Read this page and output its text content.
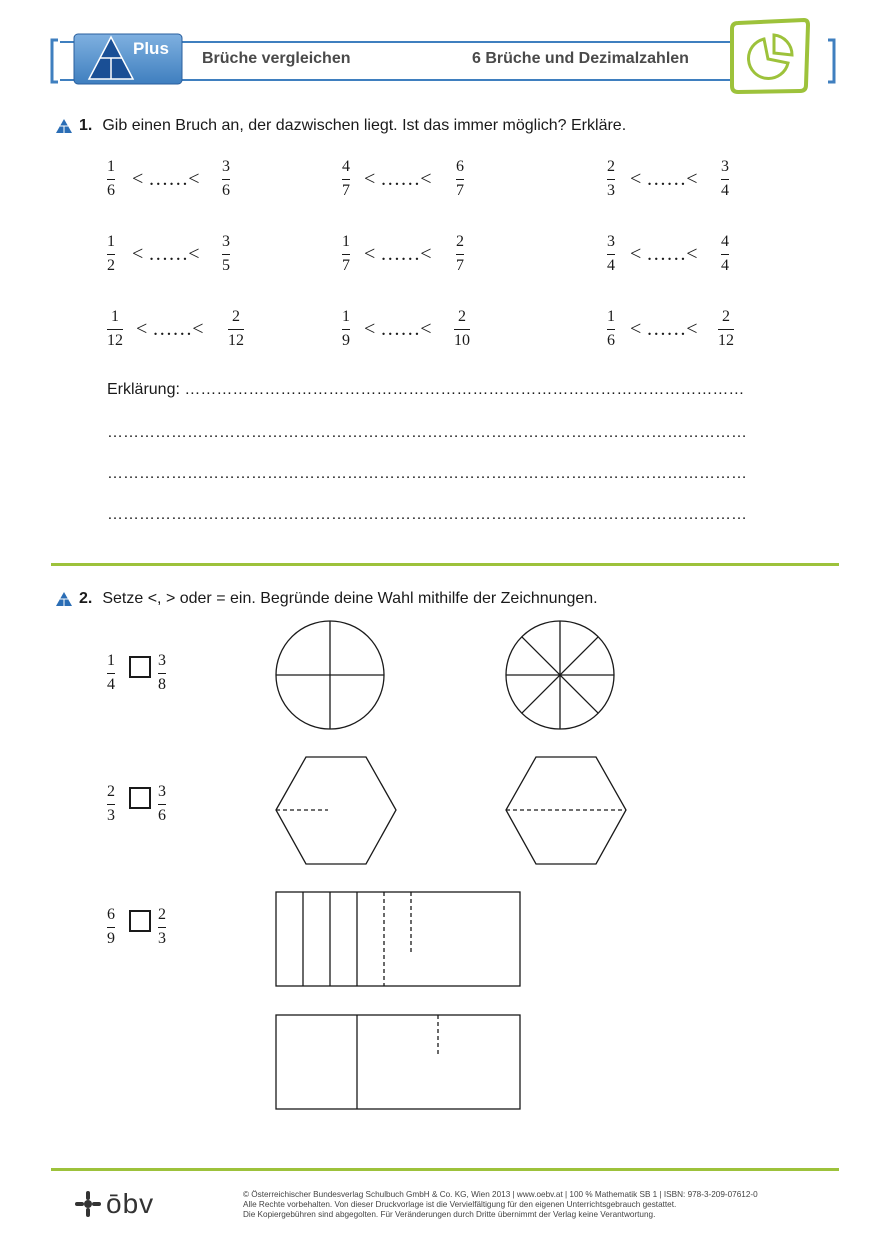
Plus
Brüche vergleichen	6 Brüche und Dezimalzahlen
1. Gib einen Bruch an, der dazwischen liegt. Ist das immer möglich? Erkläre.
1
6
< ……<
3
6
4
7
< ……<
6
7
2
3
< ……<
3
4
1
2
< ……<
3
5
1
7
< ……<
2
7
3
4
< ……<
4
4
1
12
< ……<
2
12
1
9
< ……<
2
10
1
6
< ……<
2
12
Erklärung: ……………………………………………………………………………………………
…………………………………………………………………………………………………………
…………………………………………………………………………………………………………
…………………………………………………………………………………………………………
2. Setze <, > oder = ein. Begründe deine Wahl mithilfe der Zeichnungen.
1
4
3
8
2
3
3
6
6
9
2
3
ōbv	© Österreichischer Bundesverlag Schulbuch GmbH & Co. KG, Wien 2013 | www.oebv.at | 100 % Mathematik SB 1 | ISBN: 978-3-209-07612-0
Alle Rechte vorbehalten. Von dieser Druckvorlage ist die Vervielfältigung für den eigenen Unterrichtsgebrauch gestattet.
Die Kopiergebühren sind abgegolten. Für Veränderungen durch Dritte übernimmt der Verlag keine Verantwortung.
